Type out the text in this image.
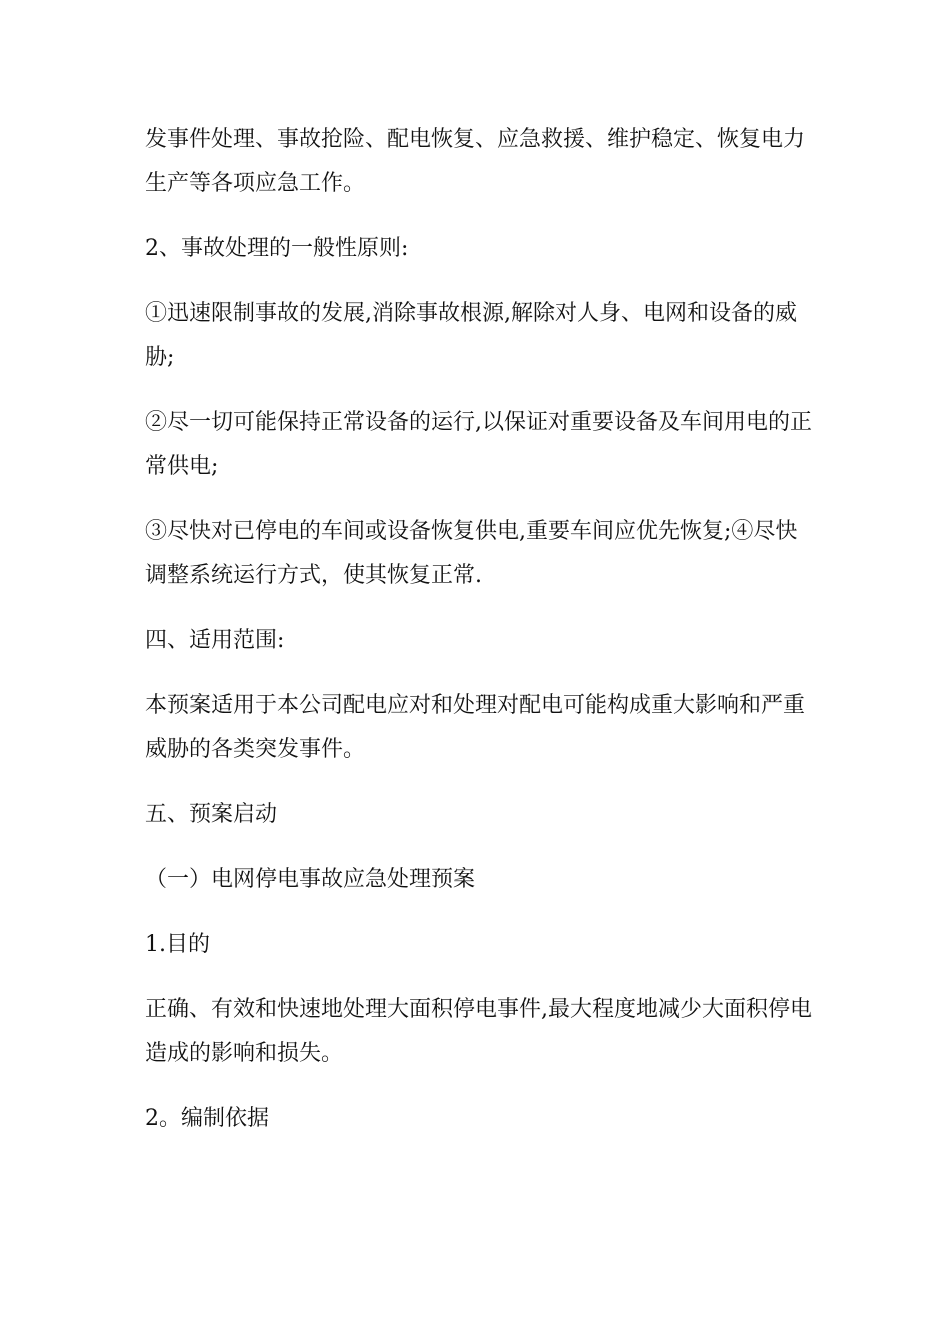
发事件处理、事故抢险、配电恢复、应急救援、维护稳定、恢复电力生产等各项应急工作。

2、事故处理的一般性原则:

①迅速限制事故的发展,消除事故根源,解除对人身、电网和设备的威胁;

②尽一切可能保持正常设备的运行,以保证对重要设备及车间用电的正常供电;

③尽快对已停电的车间或设备恢复供电,重要车间应优先恢复;④尽快调整系统运行方式，使其恢复正常.

四、适用范围:

本预案适用于本公司配电应对和处理对配电可能构成重大影响和严重威胁的各类突发事件。

五、预案启动

（一）电网停电事故应急处理预案

1.目的

正确、有效和快速地处理大面积停电事件,最大程度地减少大面积停电造成的影响和损失。

2。编制依据
